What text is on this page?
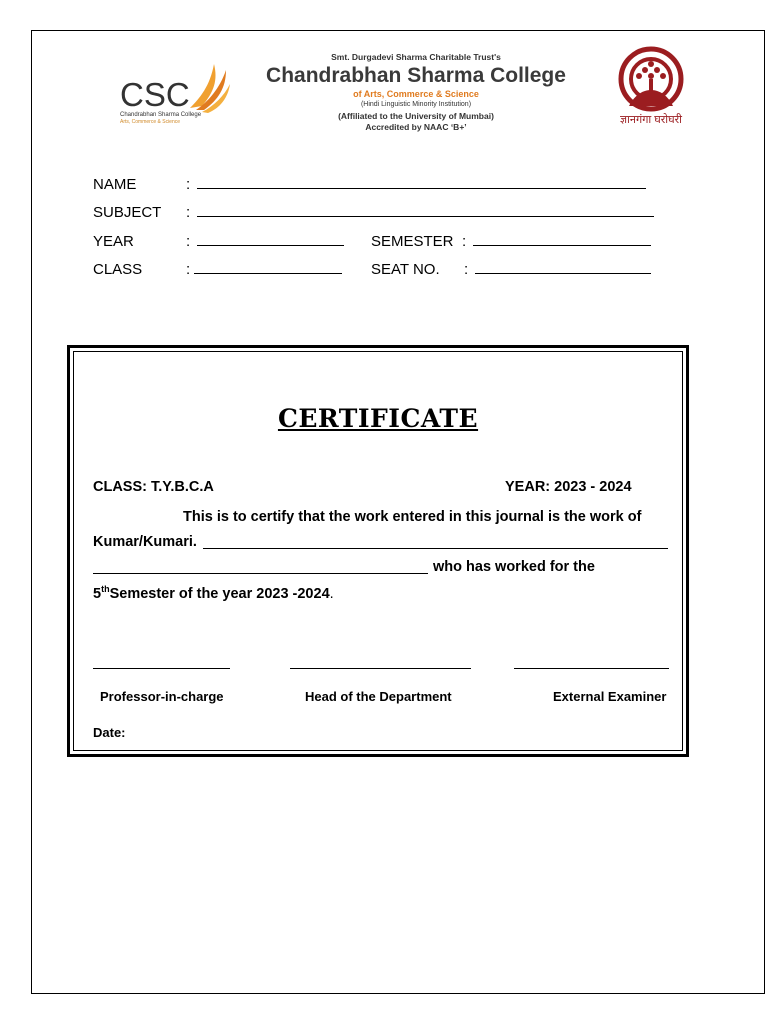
CSC
Chandrabhan Sharma College
Arts, Commerce & Science
Smt. Durgadevi Sharma Charitable Trust's
Chandrabhan Sharma College
of Arts, Commerce & Science
(Hindi Linguistic Minority Institution)
(Affiliated to the University of Mumbai)
Accredited by NAAC ‘B+’
ज्ञानगंगा घरोघरी
NAME	:
SUBJECT :
YEAR	:	SEMESTER :
CLASS	:	SEAT NO. :
CERTIFICATE
CLASS: T.Y.B.C.A	YEAR: 2023 - 2024
This is to certify that the work entered in this journal is the work of
Kumar/Kumari.
who has worked for the
5thSemester of the year 2023 -2024.
Professor-in-charge	Head of the Department	External Examiner
Date:
